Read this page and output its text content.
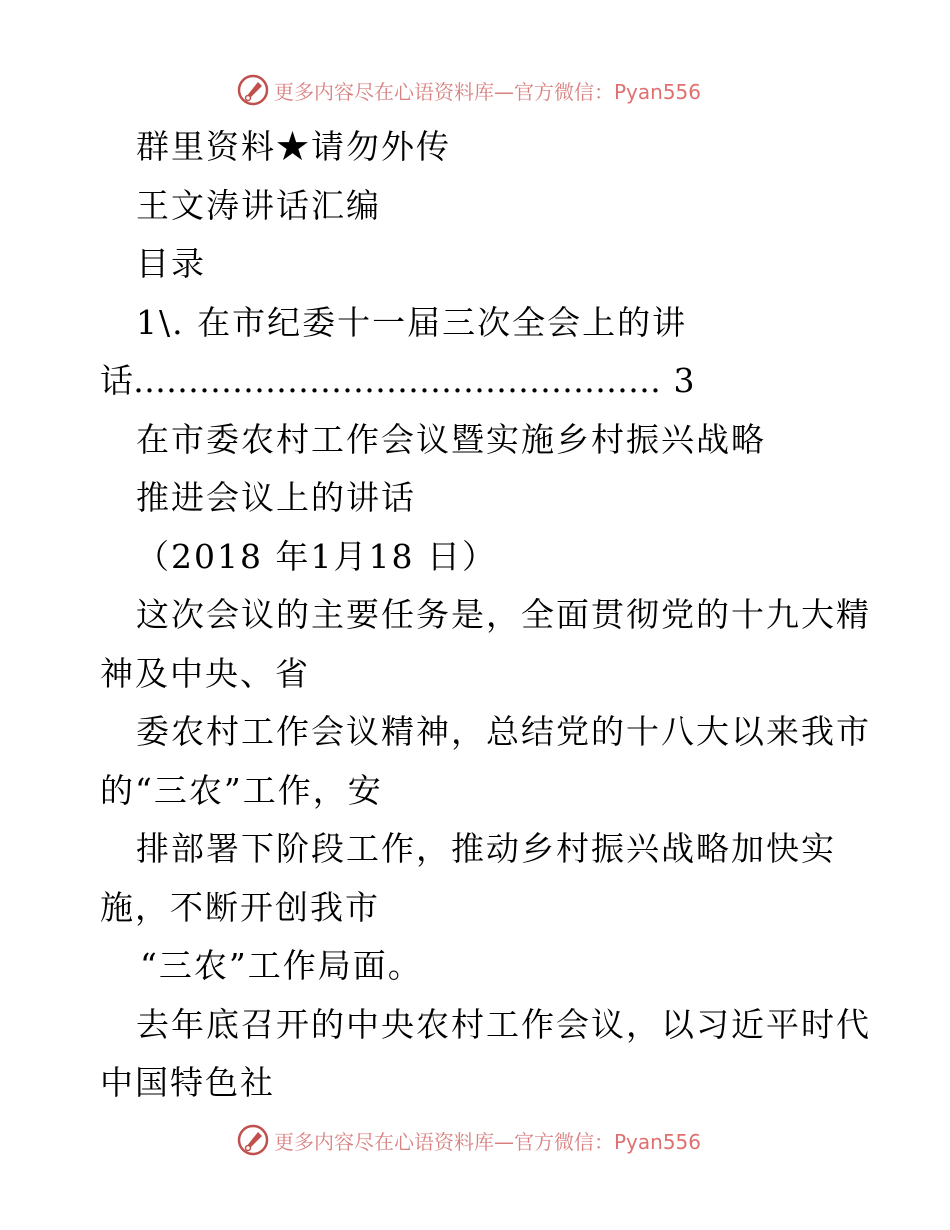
更多内容尽在心语资料库—官方微信：Pyan556
群里资料★请勿外传
王文涛讲话汇编
目录
1\. 在市纪委十一届三次全会上的讲
话………………………………………… 3
在市委农村工作会议暨实施乡村振兴战略
推进会议上的讲话
（2018 年1月18 日）
这次会议的主要任务是，全面贯彻党的十九大精
神及中央、省
委农村工作会议精神，总结党的十八大以来我市
的“三农”工作，安
排部署下阶段工作，推动乡村振兴战略加快实
施，不断开创我市
“三农”工作局面。
去年底召开的中央农村工作会议，以习近平时代
中国特色社
更多内容尽在心语资料库—官方微信：Pyan556
